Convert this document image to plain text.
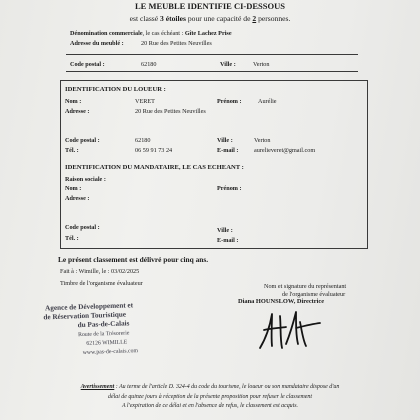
LE MEUBLE IDENTIFIE CI-DESSOUS
est classé 3 étoiles pour une capacité de 2 personnes.
Dénomination commerciale, le cas échéant : Gîte Lachez Prise
Adresse du meublé :	20 Rue des Petites Neuvilles
Code postal :	62180	Ville :	Verton
IDENTIFICATION DU LOUEUR :
Nom :	VERET	Prénom :	Aurélie
Adresse :	20 Rue des Petites Neuvilles
Code postal :	62180	Ville :	Verton
Tél. :	06 59 91 73 24	E-mail :	aurelieveret@gmail.com
IDENTIFICATION DU MANDATAIRE, LE CAS ECHEANT :
Raison sociale :
Nom :	Prénom :
Adresse :
Code postal :	Ville :
Tél. :	E-mail :
Le présent classement est délivré pour cinq ans.
Fait à : Wimille, le : 03/02/2025
Timbre de l'organisme évaluateur	Nom et signature du représentant
de l'organisme évaluateur
Diana HOUNSLOW, Directrice
Agence de Développement et
de Réservation Touristique
du Pas-de-Calais
Route de la Trésorerie
62126 WIMILLE
www.pas-de-calais.com
Avertissement : Au terme de l'article D. 324-4 du code du tourisme, le loueur ou son mandataire dispose d'un
délai de quinze jours à réception de la présente proposition pour refuser le classement
A l'expiration de ce délai et en l'absence de refus, le classement est acquis.
